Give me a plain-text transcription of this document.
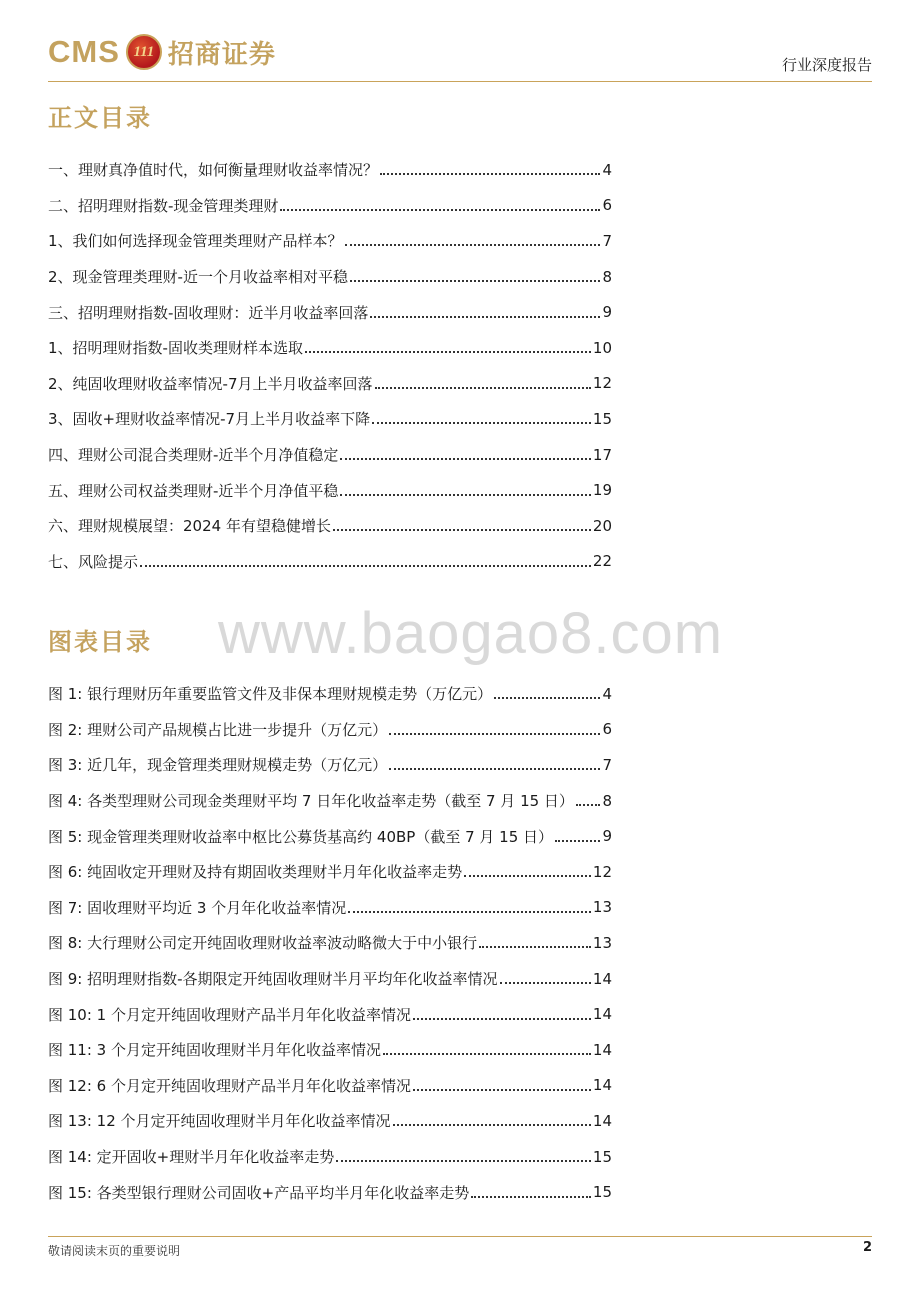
CMS 111 招商证券	行业深度报告
正文目录
一、理财真净值时代，如何衡量理财收益率情况？	4
二、招明理财指数-现金管理类理财	6
1、我们如何选择现金管理类理财产品样本？	7
2、现金管理类理财-近一个月收益率相对平稳	8
三、招明理财指数-固收理财：近半月收益率回落	9
1、招明理财指数-固收类理财样本选取	10
2、纯固收理财收益率情况-7月上半月收益率回落	12
3、固收+理财收益率情况-7月上半月收益率下降	15
四、理财公司混合类理财-近半个月净值稳定	17
五、理财公司权益类理财-近半个月净值平稳	19
六、理财规模展望：2024 年有望稳健增长	20
七、风险提示	22
www.baogao8.com
图表目录
图 1: 银行理财历年重要监管文件及非保本理财规模走势（万亿元）	4
图 2: 理财公司产品规模占比进一步提升（万亿元）	6
图 3: 近几年，现金管理类理财规模走势（万亿元）	7
图 4: 各类型理财公司现金类理财平均 7 日年化收益率走势（截至 7 月 15 日） 8
图 5: 现金管理类理财收益率中枢比公募货基高约 40BP（截至 7 月 15 日）	9
图 6: 纯固收定开理财及持有期固收类理财半月年化收益率走势	12
图 7: 固收理财平均近 3 个月年化收益率情况	13
图 8: 大行理财公司定开纯固收理财收益率波动略微大于中小银行	13
图 9: 招明理财指数-各期限定开纯固收理财半月平均年化收益率情况	14
图 10: 1 个月定开纯固收理财产品半月年化收益率情况	14
图 11: 3 个月定开纯固收理财半月年化收益率情况	14
图 12: 6 个月定开纯固收理财产品半月年化收益率情况	14
图 13: 12 个月定开纯固收理财半月年化收益率情况	14
图 14: 定开固收+理财半月年化收益率走势	15
图 15: 各类型银行理财公司固收+产品平均半月年化收益率走势	15
敬请阅读末页的重要说明	2
